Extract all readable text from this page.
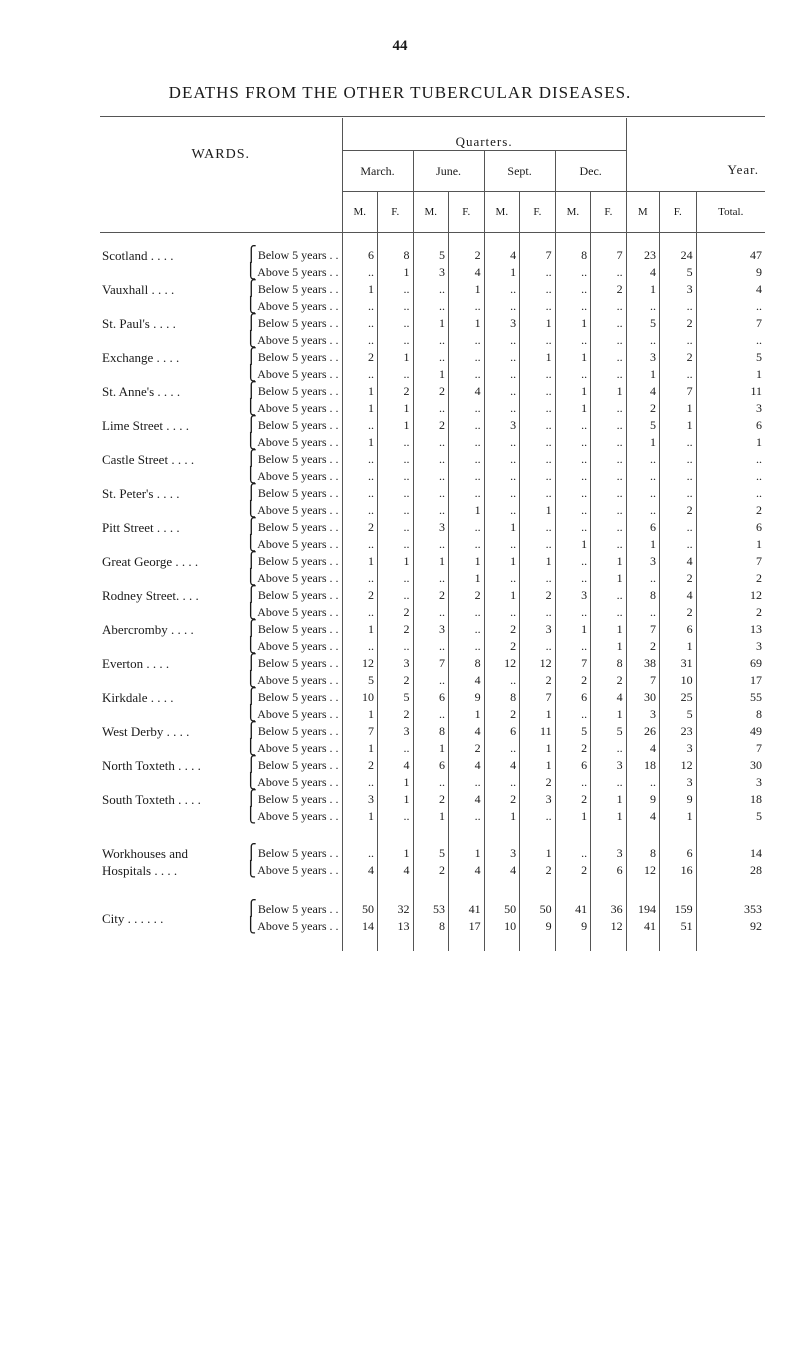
44
DEATHS FROM THE OTHER TUBERCULAR DISEASES.
WARDS.		Quarters.								Year.		
		March.		June.		Sept.		Dec.				
		M.	F.	M.	F.	M.	F.	M.	F.	M	F.	Total.

Scotland . . . .	⎧Below 5 years . .	6	8	5	2	4	7	8	7	23	24	47
	⎩Above 5 years . .	..	1	3	4	1	..	..	..	4	5	9
Vauxhall . . . .	⎧Below 5 years . .	1	..	..	1	..	..	..	2	1	3	4
	⎩Above 5 years . .	..	..	..	..	..	..	..	..	..	..	..
St. Paul's . . . .	⎧Below 5 years . .	..	..	1	1	3	1	1	..	5	2	7
	⎩Above 5 years . .	..	..	..	..	..	..	..	..	..	..	..
Exchange . . . .	⎧Below 5 years . .	2	1	..	..	..	1	1	..	3	2	5
	⎩Above 5 years . .	..	..	1	..	..	..	..	..	1	..	1
St. Anne's . . . .	⎧Below 5 years . .	1	2	2	4	..	..	1	1	4	7	11
	⎩Above 5 years . .	1	1	..	..	..	..	1	..	2	1	3
Lime Street . . . .	⎧Below 5 years . .	..	1	2	..	3	..	..	..	5	1	6
	⎩Above 5 years . .	1	..	..	..	..	..	..	..	1	..	1
Castle Street . . . .	⎧Below 5 years . .	..	..	..	..	..	..	..	..	..	..	..
	⎩Above 5 years . .	..	..	..	..	..	..	..	..	..	..	..
St. Peter's . . . .	⎧Below 5 years . .	..	..	..	..	..	..	..	..	..	..	..
	⎩Above 5 years . .	..	..	..	1	..	1	..	..	..	2	2
Pitt Street . . . .	⎧Below 5 years . .	2	..	3	..	1	..	..	..	6	..	6
	⎩Above 5 years . .	..	..	..	..	..	..	1	..	1	..	1
Great George . . . .	⎧Below 5 years . .	1	1	1	1	1	1	..	1	3	4	7
	⎩Above 5 years . .	..	..	..	1	..	..	..	1	..	2	2
Rodney Street. . . .	⎧Below 5 years . .	2	..	2	2	1	2	3	..	8	4	12
	⎩Above 5 years . .	..	2	..	..	..	..	..	..	..	2	2
Abercromby . . . .	⎧Below 5 years . .	1	2	3	..	2	3	1	1	7	6	13
	⎩Above 5 years . .	..	..	..	..	2	..	..	1	2	1	3
Everton . . . .	⎧Below 5 years . .	12	3	7	8	12	12	7	8	38	31	69
	⎩Above 5 years . .	5	2	..	4	..	2	2	2	7	10	17
Kirkdale . . . .	⎧Below 5 years . .	10	5	6	9	8	7	6	4	30	25	55
	⎩Above 5 years . .	1	2	..	1	2	1	..	1	3	5	8
West Derby . . . .	⎧Below 5 years . .	7	3	8	4	6	11	5	5	26	23	49
	⎩Above 5 years . .	1	..	1	2	..	1	2	..	4	3	7
North Toxteth . . . .	⎧Below 5 years . .	2	4	6	4	4	1	6	3	18	12	30
	⎩Above 5 years . .	..	1	..	..	..	2	..	..	..	3	3
South Toxteth . . . .	⎧Below 5 years . .	3	1	2	4	2	3	2	1	9	9	18
	⎩Above 5 years . .	1	..	1	..	1	..	1	1	4	1	5

Workhouses and	⎧Below 5 years . .	..	1	5	1	3	1	..	3	8	6	14
Hospitals . . . .	⎩Above 5 years . .	4	4	2	4	4	2	2	6	12	16	28

City . . . . . .	⎧Below 5 years . .	50	32	53	41	50	50	41	36	194	159	353
	⎩Above 5 years . .	14	13	8	17	10	9	9	12	41	51	92
